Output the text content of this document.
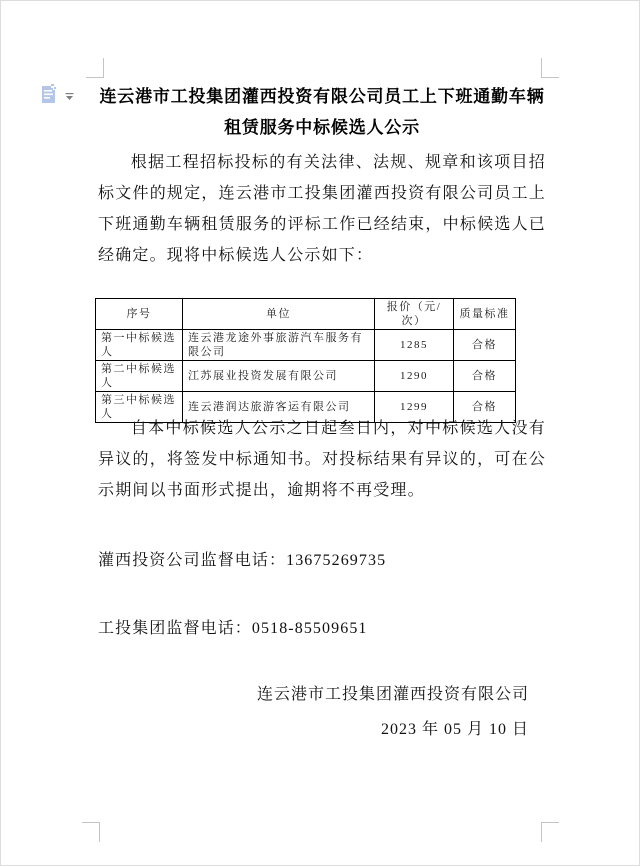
连云港市工投集团灌西投资有限公司员工上下班通勤车辆
租赁服务中标候选人公示
根据工程招标投标的有关法律、法规、规章和该项目招标文件的规定，连云港市工投集团灌西投资有限公司员工上下班通勤车辆租赁服务的评标工作已经结束，中标候选人已经确定。现将中标候选人公示如下：
序号	单位	报价（元/次）	质量标准
第一中标候选人	连云港龙途外事旅游汽车服务有限公司	1285	合格
第二中标候选人	江苏展业投资发展有限公司	1290	合格
第三中标候选人	连云港润达旅游客运有限公司	1299	合格
自本中标候选人公示之日起叁日内，对中标候选人没有异议的，将签发中标通知书。对投标结果有异议的，可在公示期间以书面形式提出，逾期将不再受理。
灌西投资公司监督电话：13675269735
工投集团监督电话：0518-85509651
连云港市工投集团灌西投资有限公司
2023 年 05 月 10 日
